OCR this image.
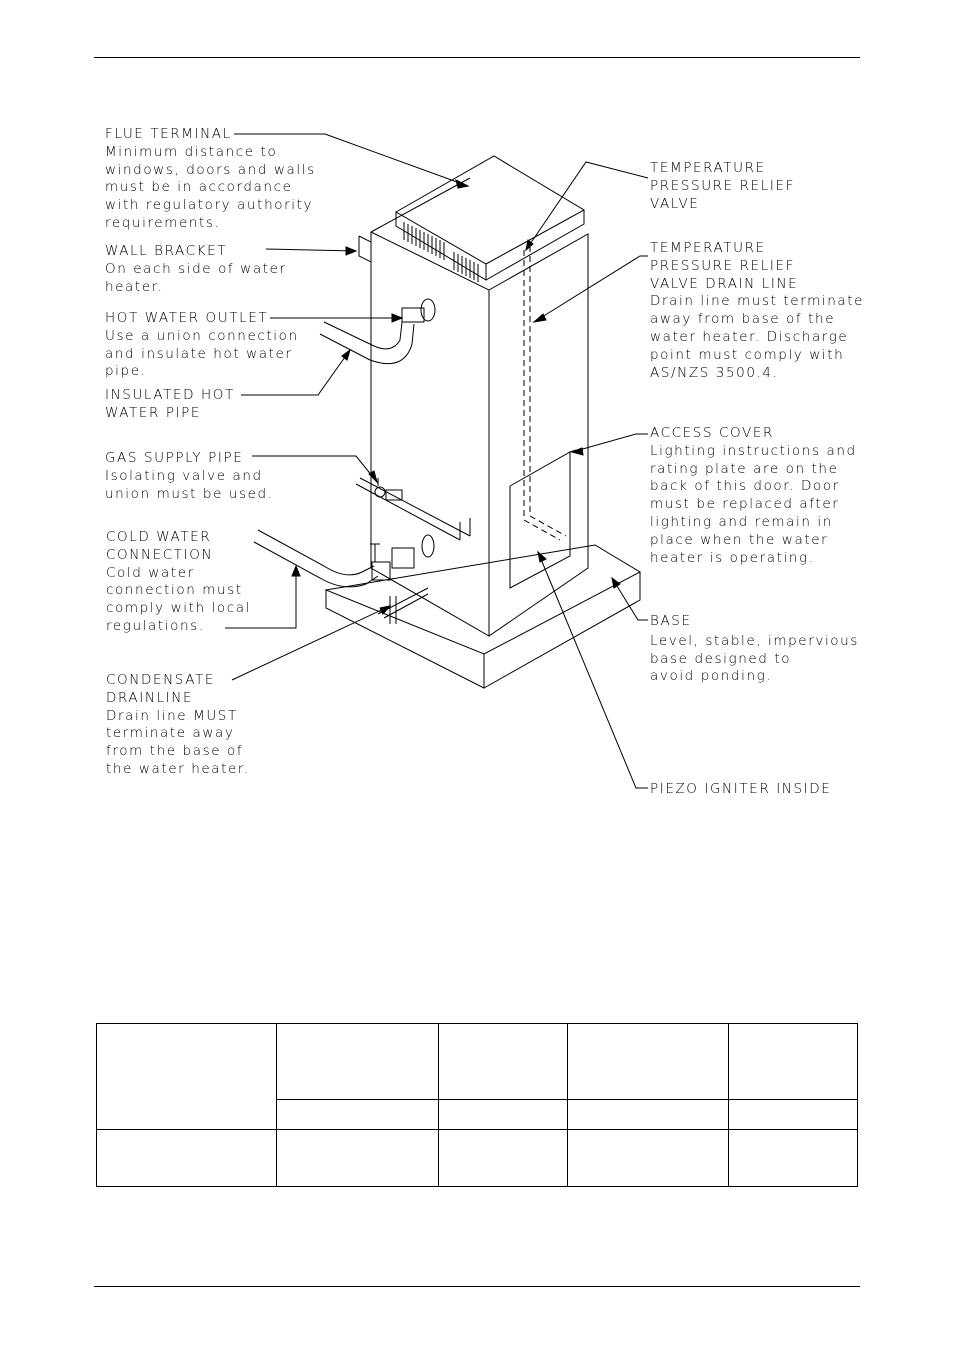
FLUE TERMINAL
Minimum distance to
windows, doors and walls
must be in accordance
with regulatory authority
requirements.
WALL BRACKET
On each side of water
heater.
HOT WATER OUTLET
Use a union connection
and insulate hot water
pipe.
INSULATED HOT
WATER PIPE
GAS SUPPLY PIPE
Isolating valve and
union must be used.
COLD WATER
CONNECTION
Cold water
connection must
comply with local
regulations.
CONDENSATE
DRAINLINE
Drain line MUST
terminate away
from the base of
the water heater.
TEMPERATURE
PRESSURE RELIEF
VALVE
TEMPERATURE
PRESSURE RELIEF
VALVE DRAIN LINE
Drain line must terminate
away from base of the
water heater. Discharge
point must comply with
AS/NZS 3500.4.
ACCESS COVER
Lighting instructions and
rating plate are on the
back of this door. Door
must be replaced after
lighting and remain in
place when the water
heater is operating.
BASE
Level, stable, impervious
base designed to
avoid ponding.
PIEZO IGNITER INSIDE
